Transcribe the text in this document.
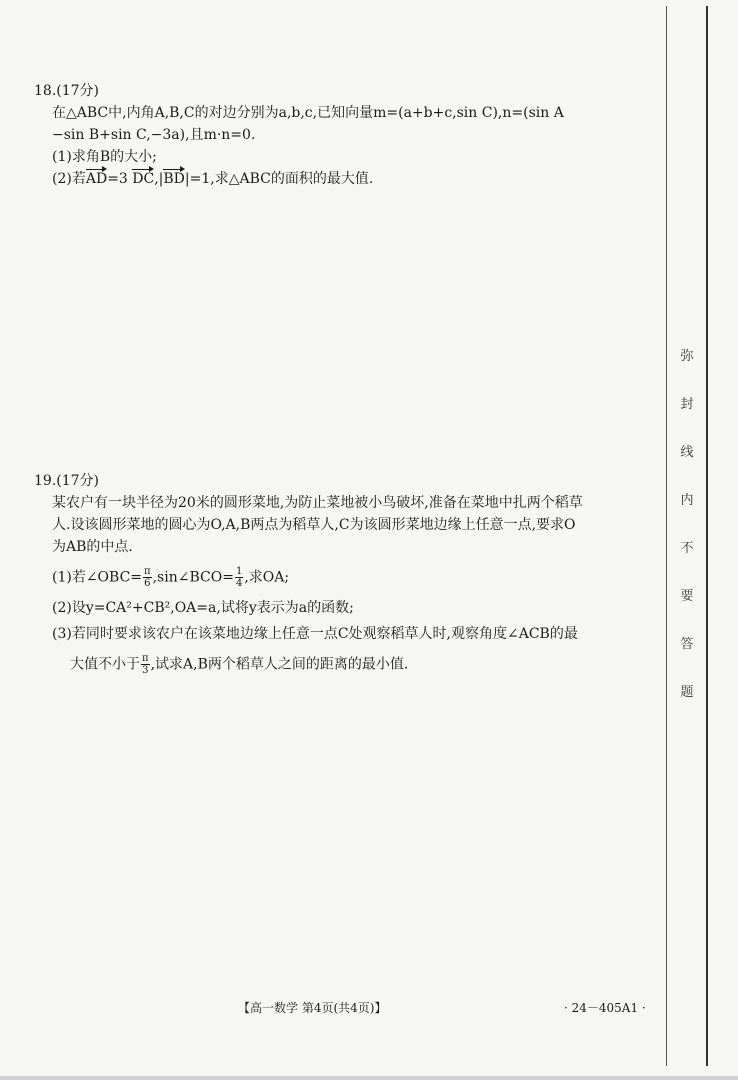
18.(17分)
在△ABC中,内角A,B,C的对边分别为a,b,c,已知向量m=(a+b+c,sin C),n=(sin A
−sin B+sin C,−3a),且m·n=0.
(1)求角B的大小;
(2)若AD=3 DC,|BD|=1,求△ABC的面积的最大值.
19.(17分)
某农户有一块半径为20米的圆形菜地,为防止菜地被小鸟破坏,准备在菜地中扎两个稻草
人.设该圆形菜地的圆心为O,A,B两点为稻草人,C为该圆形菜地边缘上任意一点,要求O
为AB的中点.
(1)若∠OBC= $\frac{\pi}{6}$ ,sin∠BCO= $\frac{1}{4}$ ,求OA;
(2)设y=CA²+CB²,OA=a,试将y表示为a的函数;
(3)若同时要求该农户在该菜地边缘上任意一点C处观察稻草人时,观察角度∠ACB的最
大值不小于 $\frac{\pi}{3}$ ,试求A,B两个稻草人之间的距离的最小值.
弥
封
线
内
不
要
答
题
【高一数学 第4页(共4页)】	· 24－405A1 ·
